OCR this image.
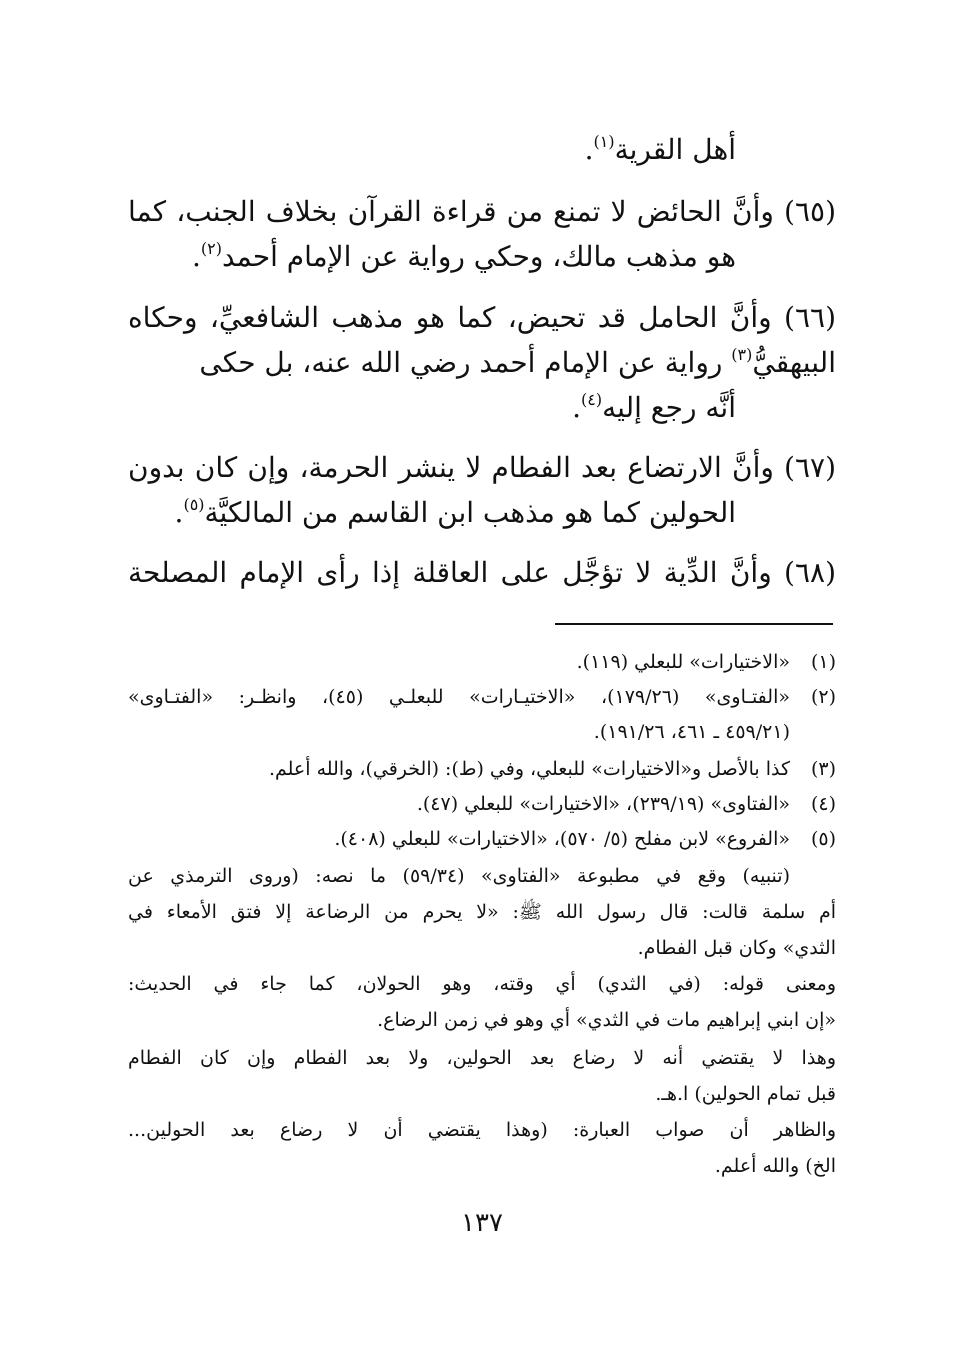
أهل القرية$^{(١)}$.
(٦٥) وأنَّ الحائض لا تمنع من قراءة القرآن بخلاف الجنب، كما
هو مذهب مالك، وحكي رواية عن الإمام أحمد$^{(٢)}$.
(٦٦) وأنَّ الحامل قد تحيض، كما هو مذهب الشافعيِّ، وحكاه
البيهقيُّ$^{(٣)}$ رواية عن الإمام أحمد رضي الله عنه، بل حكى
أنَّه رجع إليه$^{(٤)}$.
(٦٧) وأنَّ الارتضاع بعد الفطام لا ينشر الحرمة، وإن كان بدون
الحولين كما هو مذهب ابن القاسم من المالكيَّة$^{(٥)}$.
(٦٨) وأنَّ الدِّية لا تؤجَّل على العاقلة إذا رأى الإمام المصلحة
(١)
«الاختيارات» للبعلي (١١٩).
(٢)
«الفتـاوى» (١٧٩/٢٦)، «الاختيـارات» للبعلـي (٤٥)، وانظـر: «الفتـاوى»
(٤٥٩/٢١ ـ ٤٦١، ١٩١/٢٦).
(٣)
كذا بالأصل و«الاختيارات» للبعلي، وفي (ط): (الخرقي)، والله أعلم.
(٤)
«الفتاوى» (٢٣٩/١٩)، «الاختيارات» للبعلي (٤٧).
(٥)
«الفروع» لابن مفلح (٥/ ٥٧٠)، «الاختيارات» للبعلي (٤٠٨).
(تنبيه) وقع في مطبوعة «الفتاوى» (٥٩/٣٤) ما نصه: (وروى الترمذي عن
أم سلمة قالت: قال رسول الله ﷺ: «لا يحرم من الرضاعة إلا فتق الأمعاء في
الثدي» وكان قبل الفطام.
ومعنى قوله: (في الثدي) أي وقته، وهو الحولان، كما جاء في الحديث:
«إن ابني إبراهيم مات في الثدي» أي وهو في زمن الرضاع.
وهذا لا يقتضي أنه لا رضاع بعد الحولين، ولا بعد الفطام وإن كان الفطام
قبل تمام الحولين) ا.هـ.
والظاهر أن صواب العبارة: (وهذا يقتضي أن لا رضاع بعد الحولين...
الخ) والله أعلم.
١٣٧
